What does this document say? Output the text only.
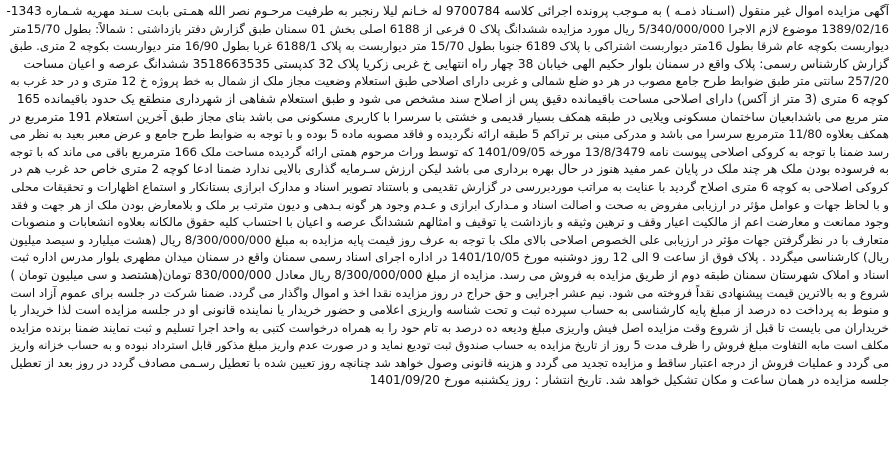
آگهی مزایده اموال غیر منقول (اسـناد ذمـه ) به مـوجب پرونده اجرائی کلاسه 9700784 له خـانم لیلا رنجبر به طرفیت مرحـوم نصر الله همـتی بابت سـند مهریه شـماره 1343-
1389/02/16 موضوع لازم الاجرا 5/340/000/000 ریال مورد مزایده ششدانگ پلاک 0 فرعی از 6188 اصلی بخش 01 سمنان طبق گزارش دفتر بازداشتی : شمالاً: بطول 15/70متر
دیواربست بکوچه عام شرقا بطول 16متر دیواربست اشتراکی با پلاک 6189 جنوبا بطول 15/70 متر دیواربست به پلاک 6188/1 غربا بطول 16/90 متر دیواربست بکوچه 2 متری. طبق
گزارش کارشناس رسمی: پلاک واقع در سمنان بلوار حکیم الهی خیابان 38 چهار راه انتهایی خ غربی زکریا پلاک 32 کدپستی 3518663535 ششدانگ عرصه و اعیان مساحت
257/20 سانتی متر طبق ضوابط طرح جامع مصوب در هر دو ضلع شمالی و غربی دارای اصلاحی طبق استعلام وضعیت مجاز ملک از شمال به خط پروژه خ 12 متری و در حد غرب به
کوچه 6 متری (3 متر از آکس) دارای اصلاحی مساحت باقیمانده دقیق پس از اصلاح سند مشخص می شود و طبق استعلام شفاهی از شهرداری منطقع یک حدود باقیمانده 165
متر مربع می باشدابعیان ساختمان مسکونی ویلایی در طبقه همکف بسیار قدیمی و خشتی با سرسرا با کاربری مسکونی می باشد بنای مجاز طبق آخرین استعلام 191 مترمربع در
همکف بعلاوه 11/80 مترمربع سرسرا می باشد و مدرکی مبنی بر تراکم 5 طبقه ارائه نگردیده و فاقد مصوبه ماده 5 بوده و با توجه به ضوابط طرح جامع و عرض معبر بعید به نظر می
رسد ضمنا با توجه به کروکی اصلاحی پیوست نامه 13/8/3479 مورخه 1401/09/05 که توسط وراث مرحوم همتی ارائه گردیده مساحت ملک 166 مترمربع باقی می ماند که با توجه
به فرسوده بودن ملک هر چند ملک در پایان عمر مفید هنوز در حال بهره برداری می باشد لیکن ارزش سـرمایه گذاری بالایی ندارد ضمنا ادعا کوچه 2 متری خاص حد غرب هم در
کروکی اصلاحی به کوچه 6 متری اصلاح گردید با عنایت به مراتب موردبررسی در گزارش تقدیمی و باستناد تصویر اسناد و مدارک ابرازی بستانکار و استماع اظهارات و تحقیقات محلی
و با لحاظ جهات و عوامل مؤثر در ارزیابی مفروض به صحت و اصالت اسناد و مـدارک ابرازی و عـدم وجود هر گونه بـدهی و دیون مترتب بر ملک و بلامعارض بودن ملک از هر جهت و فقد
وجود ممانعت و معارضت اعم از مالکیت اعیار وقف و ترهین وثیقه و بازداشت یا توقیف و امثالهم ششدانگ عرصه و اعیان با احتساب کلیه حقوق مالکانه بعلاوه انشعابات و منصوبات
متعارف با در نظرگرفتن جهات مؤثر در ارزیابی علی الخصوص اصلاحی بالای ملک با توجه به عرف روز قیمت پایه مزایده به مبلغ 8/300/000/000 ریال (هشت میلیارد و سیصد میلیون
ریال) کارشناسی میگردد . پلاک فوق از ساعت 9 الی 12 روز دوشنبه مورخ 1401/10/05 در اداره اجرای اسناد رسمی سمنان واقع در سمنان میدان مطهری بلوار مدرس اداره ثبت
اسناد و املاک شهرستان سمنان طبقه دوم از طریق مزایده به فروش می رسد. مزایده از مبلغ 8/300/000/000 ریال معادل 830/000/000 تومان(هشتصد و سی میلیون تومان )
شروع و به بالاترین قیمت پیشنهادی نقداً فروخته می شود. نیم عشر اجرایی و حق حراج در روز مزایده نقدا اخذ و اموال واگذار می گردد. ضمنا شرکت در جلسه برای عموم آزاد است
و منوط به پرداخت ده درصد از مبلغ پایه کارشناسی به حساب سپرده ثبت و تحت شناسه واریزی اعلامی و حضور خریدار یا نماینده قانونی او در جلسه مزایده است لذا خریدار یا
خریداران می بایست تا قبل از شروع وقت مزایده اصل فیش واریزی مبلغ ودیعه ده درصد به تام حود را به همراه درخواست کتبی به واحد اجرا تسلیم و ثبت نمایند ضمنا برنده مزایده
مکلف است مابه التفاوت مبلغ فروش را ظرف مدت 5 روز از تاریخ مزایده به حساب صندوق ثبت تودیع نماید و در صورت عدم واریز مبلغ مذکور قابل استرداد نبوده و به حساب خزانه واریز
می گردد و عملیات فروش از درجه اعتبار ساقط و مزایده تجدید می گردد و هزینه قانونی وصول خواهد شد چنانچه روز تعیین شده با تعطیل رسـمی مصادف گردد در روز بعد از تعطیل
جلسه مزایده در همان ساعت و مکان تشکیل خواهد شد. تاریخ انتشار : روز یکشنبه مورخ 1401/09/20
